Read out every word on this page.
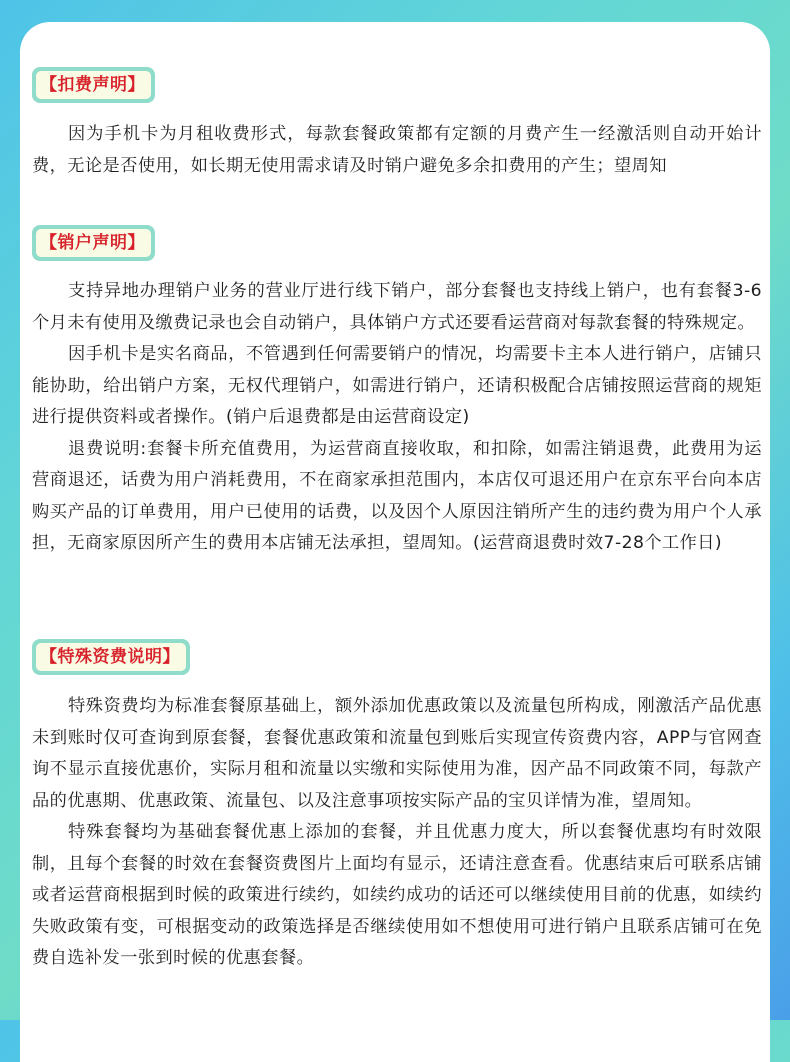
【扣费声明】

因为手机卡为月租收费形式，每款套餐政策都有定额的月费产生一经激活则自动开始计费，无论是否使用，如长期无使用需求请及时销户避免多余扣费用的产生；望周知

【销户声明】

支持异地办理销户业务的营业厅进行线下销户，部分套餐也支持线上销户，也有套餐3-6个月未有使用及缴费记录也会自动销户，具体销户方式还要看运营商对每款套餐的特殊规定。

因手机卡是实名商品，不管遇到任何需要销户的情况，均需要卡主本人进行销户，店铺只能协助，给出销户方案，无权代理销户，如需进行销户，还请积极配合店铺按照运营商的规矩进行提供资料或者操作。(销户后退费都是由运营商设定)

退费说明:套餐卡所充值费用，为运营商直接收取，和扣除，如需注销退费，此费用为运营商退还，话费为用户消耗费用，不在商家承担范围内，本店仅可退还用户在京东平台向本店购买产品的订单费用，用户已使用的话费，以及因个人原因注销所产生的违约费为用户个人承担，无商家原因所产生的费用本店铺无法承担，望周知。(运营商退费时效7-28个工作日)

【特殊资费说明】

特殊资费均为标准套餐原基础上，额外添加优惠政策以及流量包所构成，刚激活产品优惠未到账时仅可查询到原套餐，套餐优惠政策和流量包到账后实现宣传资费内容，APP与官网查询不显示直接优惠价，实际月租和流量以实缴和实际使用为准，因产品不同政策不同，每款产品的优惠期、优惠政策、流量包、以及注意事项按实际产品的宝贝详情为准，望周知。

特殊套餐均为基础套餐优惠上添加的套餐，并且优惠力度大，所以套餐优惠均有时效限制，且每个套餐的时效在套餐资费图片上面均有显示，还请注意查看。优惠结束后可联系店铺或者运营商根据到时候的政策进行续约，如续约成功的话还可以继续使用目前的优惠，如续约失败政策有变，可根据变动的政策选择是否继续使用如不想使用可进行销户且联系店铺可在免费自选补发一张到时候的优惠套餐。
